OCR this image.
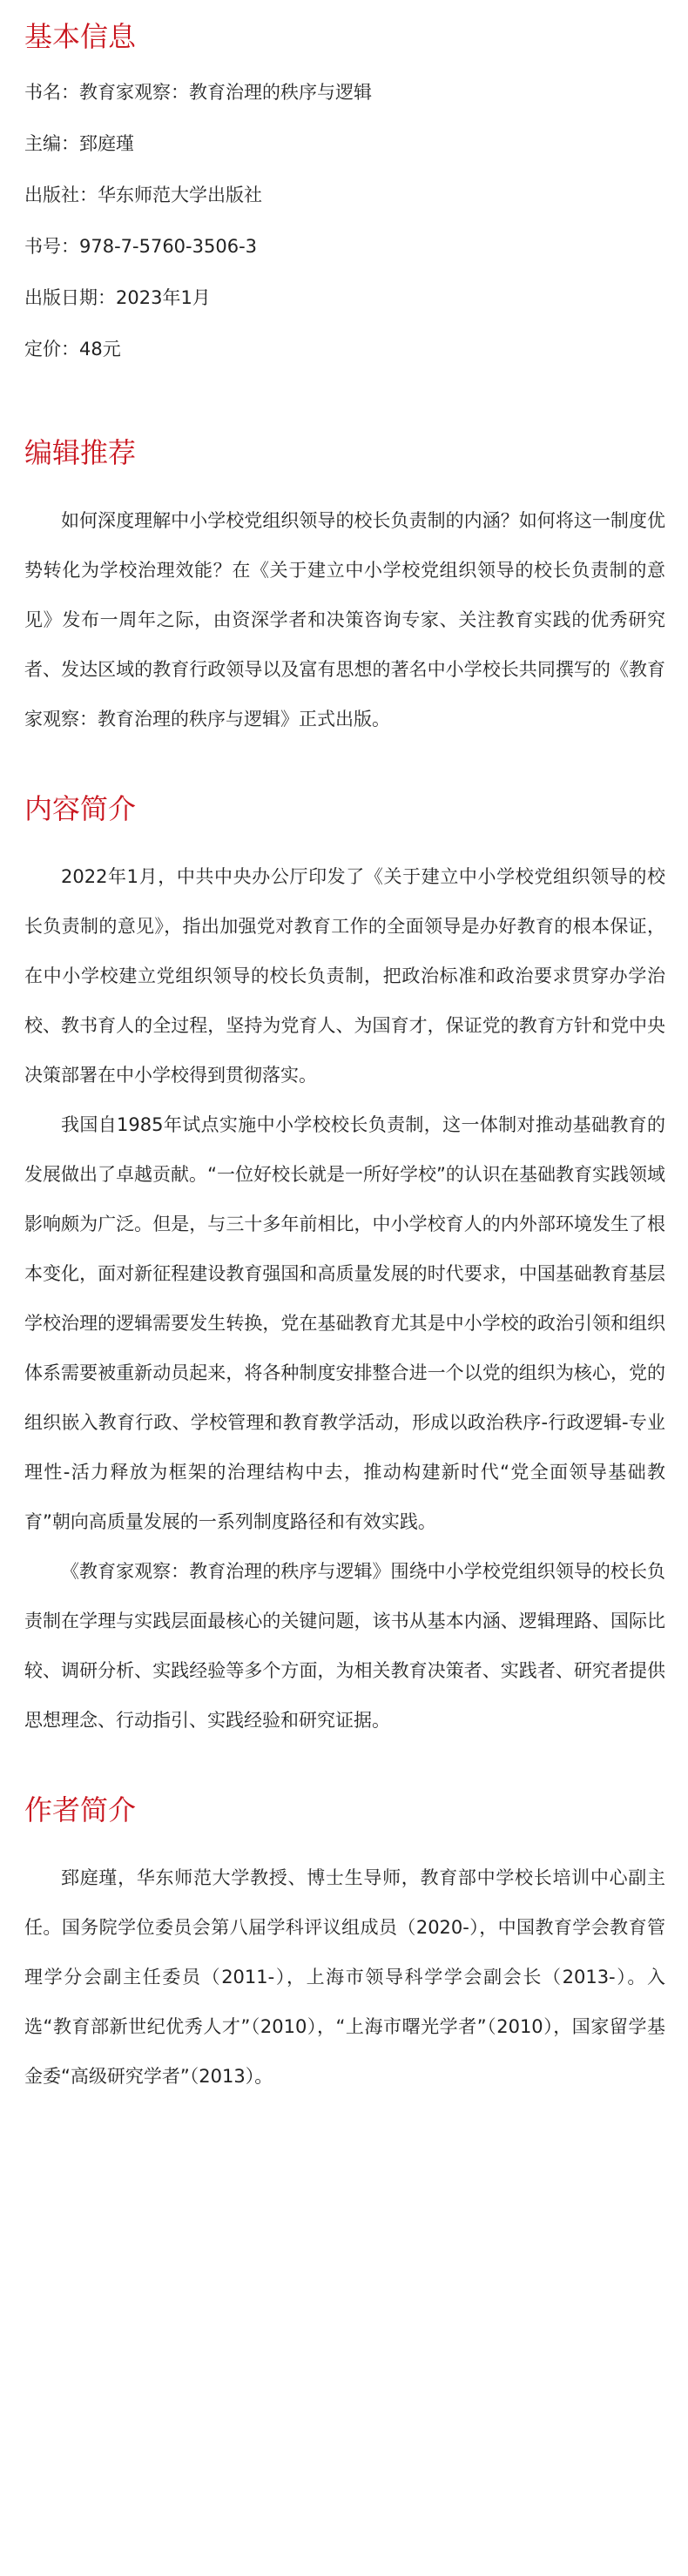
基本信息

书名：教育家观察：教育治理的秩序与逻辑

主编：郅庭瑾

出版社：华东师范大学出版社

书号：978-7-5760-3506-3

出版日期：2023年1月

定价：48元

编辑推荐

如何深度理解中小学校党组织领导的校长负责制的内涵？如何将这一制度优势转化为学校治理效能？在《关于建立中小学校党组织领导的校长负责制的意见》发布一周年之际，由资深学者和决策咨询专家、关注教育实践的优秀研究者、发达区域的教育行政领导以及富有思想的著名中小学校长共同撰写的《教育家观察：教育治理的秩序与逻辑》正式出版。

内容简介

2022年1月，中共中央办公厅印发了《关于建立中小学校党组织领导的校长负责制的意见》，指出加强党对教育工作的全面领导是办好教育的根本保证，在中小学校建立党组织领导的校长负责制，把政治标准和政治要求贯穿办学治校、教书育人的全过程，坚持为党育人、为国育才，保证党的教育方针和党中央决策部署在中小学校得到贯彻落实。

我国自1985年试点实施中小学校校长负责制，这一体制对推动基础教育的发展做出了卓越贡献。“一位好校长就是一所好学校”的认识在基础教育实践领域影响颇为广泛。但是，与三十多年前相比，中小学校育人的内外部环境发生了根本变化，面对新征程建设教育强国和高质量发展的时代要求，中国基础教育基层学校治理的逻辑需要发生转换，党在基础教育尤其是中小学校的政治引领和组织体系需要被重新动员起来，将各种制度安排整合进一个以党的组织为核心，党的组织嵌入教育行政、学校管理和教育教学活动，形成以政治秩序-行政逻辑-专业理性-活力释放为框架的治理结构中去，推动构建新时代“党全面领导基础教育”朝向高质量发展的一系列制度路径和有效实践。

《教育家观察：教育治理的秩序与逻辑》围绕中小学校党组织领导的校长负责制在学理与实践层面最核心的关键问题，该书从基本内涵、逻辑理路、国际比较、调研分析、实践经验等多个方面，为相关教育决策者、实践者、研究者提供思想理念、行动指引、实践经验和研究证据。

作者简介

郅庭瑾，华东师范大学教授、博士生导师，教育部中学校长培训中心副主任。国务院学位委员会第八届学科评议组成员（2020-），中国教育学会教育管理学分会副主任委员（2011-），上海市领导科学学会副会长（2013-）。入选“教育部新世纪优秀人才”（2010），“上海市曙光学者”（2010），国家留学基金委“高级研究学者”（2013）。
